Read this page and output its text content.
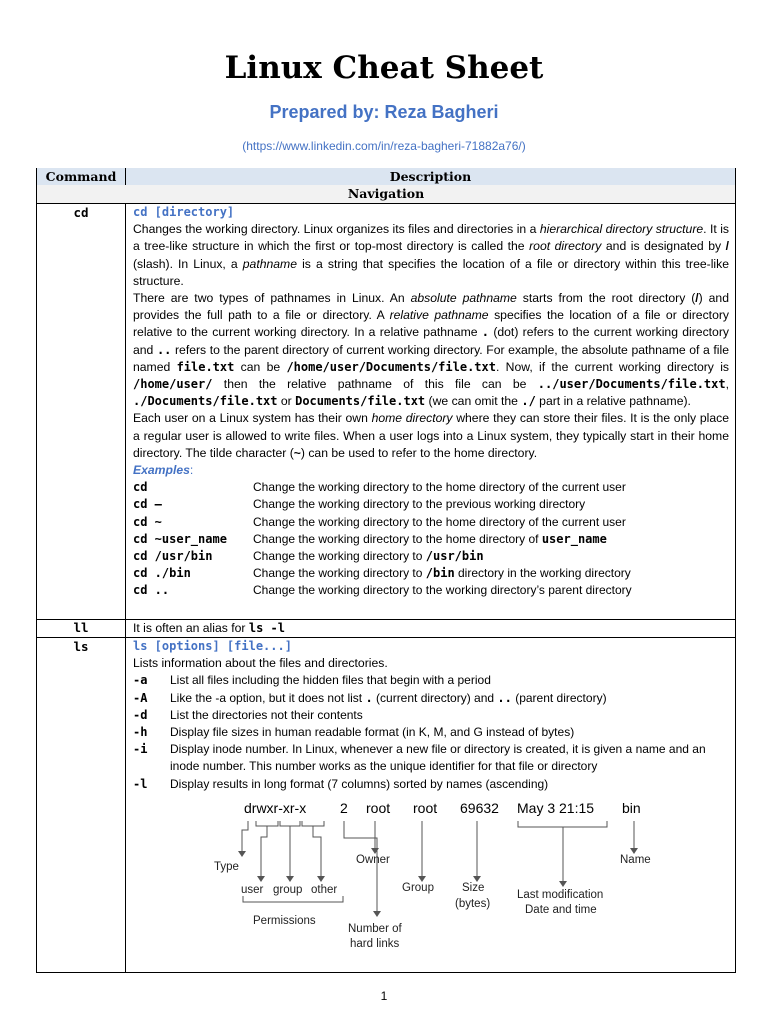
Linux Cheat Sheet
Prepared by: Reza Bagheri
(https://www.linkedin.com/in/reza-bagheri-71882a76/)
Command	Description
Navigation
cd	cd [directory]
Changes the working directory. Linux organizes its files and directories in a hierarchical directory structure. It is a tree-like structure in which the first or top-most directory is called the root directory and is designated by / (slash). In Linux, a pathname is a string that specifies the location of a file or directory within this tree-like structure.
There are two types of pathnames in Linux. An absolute pathname starts from the root directory (/) and provides the full path to a file or directory. A relative pathname specifies the location of a file or directory relative to the current working directory. In a relative pathname . (dot) refers to the current working directory and .. refers to the parent directory of current working directory. For example, the absolute pathname of a file named file.txt can be /home/user/Documents/file.txt. Now, if the current working directory is /home/user/ then the relative pathname of this file can be ../user/Documents/file.txt, ./Documents/file.txt or Documents/file.txt (we can omit the ./ part in a relative pathname).
Each user on a Linux system has their own home directory where they can store their files. It is the only place a regular user is allowed to write files. When a user logs into a Linux system, they typically start in their home directory. The tilde character (~) can be used to refer to the home directory.
Examples:
cd	Change the working directory to the home directory of the current user
cd –	Change the working directory to the previous working directory
cd ~	Change the working directory to the home directory of the current user
cd ~user_name	Change the working directory to the home directory of user_name
cd /usr/bin	Change the working directory to /usr/bin
cd ./bin	Change the working directory to /bin directory in the working directory
cd ..	Change the working directory to the working directory’s parent directory
ll	It is often an alias for ls -l
ls	ls [options] [file...]
Lists information about the files and directories.
-a	List all files including the hidden files that begin with a period
-A	Like the -a option, but it does not list . (current directory) and .. (parent directory)
-d	List the directories not their contents
-h	Display file sizes in human readable format (in K, M, and G instead of bytes)
-i	Display inode number. In Linux, whenever a new file or directory is created, it is given a name and an inode number. This number works as the unique identifier for that file or directory
-l	Display results in long format (7 columns) sorted by names (ascending)
drwxr-xr-x 2 root root 69632 May 3 21:15 bin
Type
user group other
Permissions
Number of
hard links
Owner
Group Size
(bytes)
Last modification
Date and time
Name
1
